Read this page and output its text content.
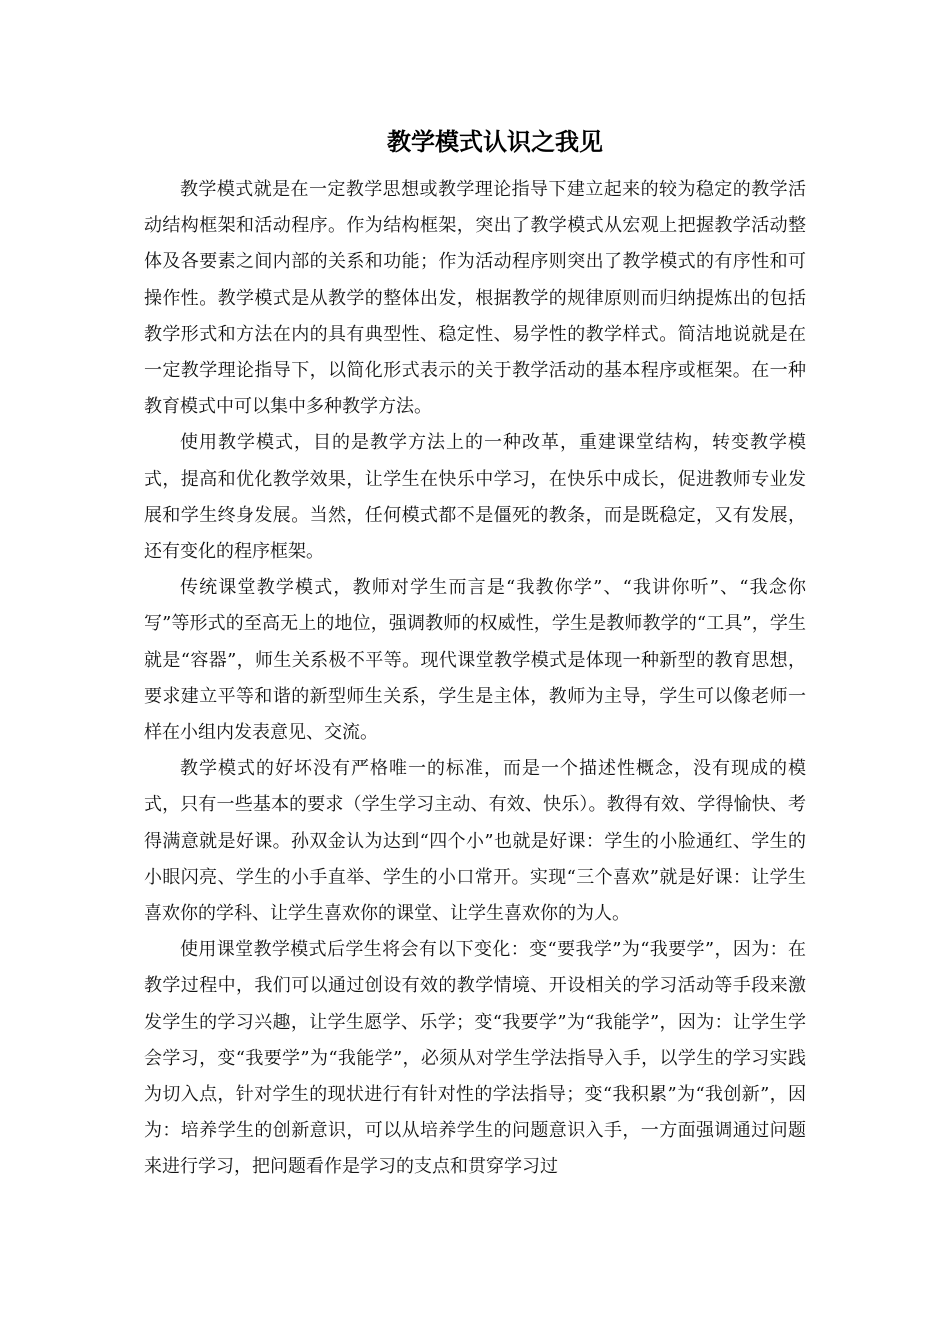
教学模式认识之我见

教学模式就是在一定教学思想或教学理论指导下建立起来的较为稳定的教学活动结构框架和活动程序。作为结构框架，突出了教学模式从宏观上把握教学活动整体及各要素之间内部的关系和功能；作为活动程序则突出了教学模式的有序性和可操作性。教学模式是从教学的整体出发，根据教学的规律原则而归纳提炼出的包括教学形式和方法在内的具有典型性、稳定性、易学性的教学样式。简洁地说就是在一定教学理论指导下，以简化形式表示的关于教学活动的基本程序或框架。在一种教育模式中可以集中多种教学方法。

使用教学模式，目的是教学方法上的一种改革，重建课堂结构，转变教学模式，提高和优化教学效果，让学生在快乐中学习，在快乐中成长，促进教师专业发展和学生终身发展。当然，任何模式都不是僵死的教条，而是既稳定，又有发展，还有变化的程序框架。

传统课堂教学模式，教师对学生而言是“我教你学”、“我讲你听”、“我念你写”等形式的至高无上的地位，强调教师的权威性，学生是教师教学的“工具”，学生就是“容器”，师生关系极不平等。现代课堂教学模式是体现一种新型的教育思想，要求建立平等和谐的新型师生关系，学生是主体，教师为主导，学生可以像老师一样在小组内发表意见、交流。

教学模式的好坏没有严格唯一的标准，而是一个描述性概念，没有现成的模式，只有一些基本的要求（学生学习主动、有效、快乐）。教得有效、学得愉快、考得满意就是好课。孙双金认为达到“四个小”也就是好课：学生的小脸通红、学生的小眼闪亮、学生的小手直举、学生的小口常开。实现“三个喜欢”就是好课：让学生喜欢你的学科、让学生喜欢你的课堂、让学生喜欢你的为人。

使用课堂教学模式后学生将会有以下变化：变“要我学”为“我要学”，因为：在教学过程中，我们可以通过创设有效的教学情境、开设相关的学习活动等手段来激发学生的学习兴趣，让学生愿学、乐学；变“我要学”为“我能学”，因为：让学生学会学习，变“我要学”为“我能学”，必须从对学生学法指导入手，以学生的学习实践为切入点，针对学生的现状进行有针对性的学法指导；变“我积累”为“我创新”，因为：培养学生的创新意识，可以从培养学生的问题意识入手，一方面强调通过问题来进行学习，把问题看作是学习的支点和贯穿学习过
